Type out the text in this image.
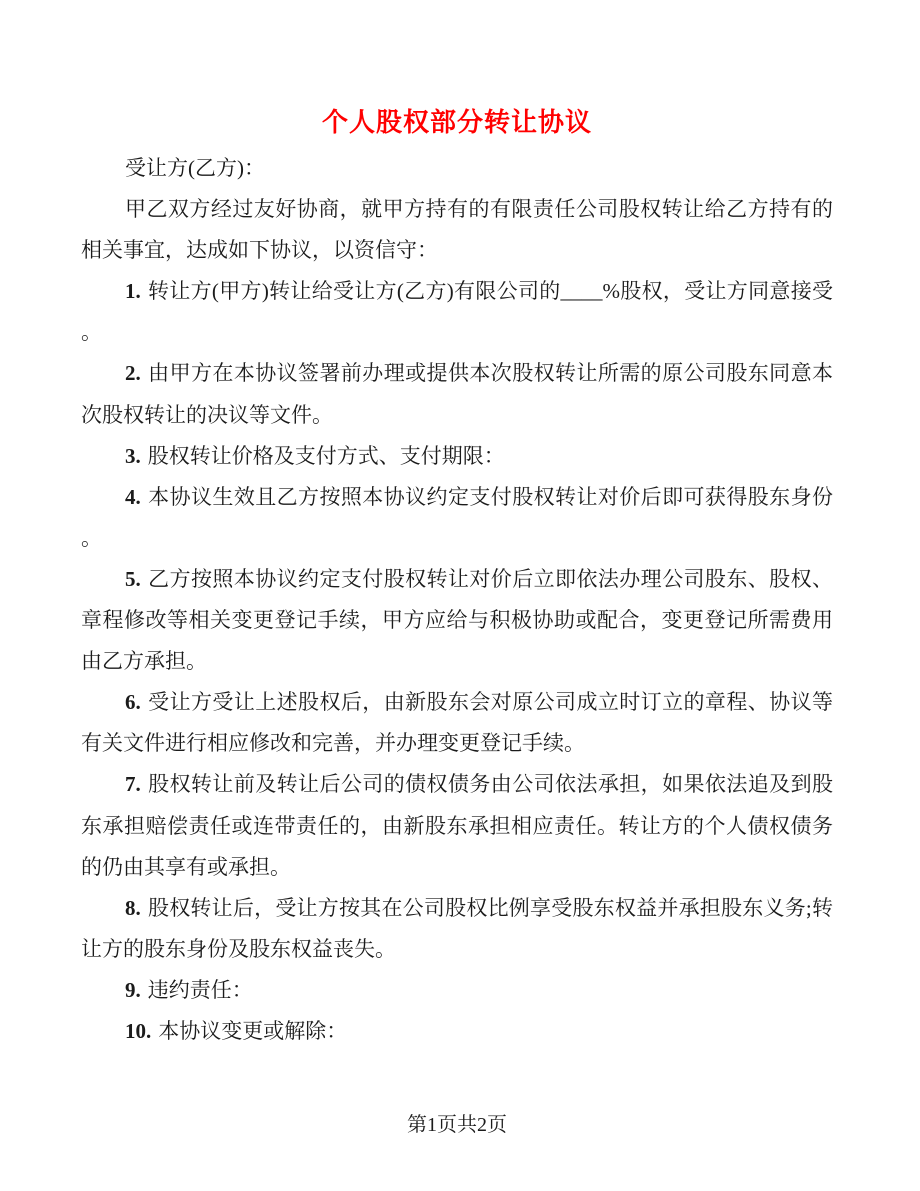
个人股权部分转让协议
受让方(乙方)：
甲乙双方经过友好协商，就甲方持有的有限责任公司股权转让给乙方持有的
相关事宜，达成如下协议，以资信守：
1. 转让方(甲方)转让给受让方(乙方)有限公司的____%股权，受让方同意接受
。
2. 由甲方在本协议签署前办理或提供本次股权转让所需的原公司股东同意本
次股权转让的决议等文件。
3. 股权转让价格及支付方式、支付期限：
4. 本协议生效且乙方按照本协议约定支付股权转让对价后即可获得股东身份
。
5. 乙方按照本协议约定支付股权转让对价后立即依法办理公司股东、股权、
章程修改等相关变更登记手续，甲方应给与积极协助或配合，变更登记所需费用
由乙方承担。
6. 受让方受让上述股权后，由新股东会对原公司成立时订立的章程、协议等
有关文件进行相应修改和完善，并办理变更登记手续。
7. 股权转让前及转让后公司的债权债务由公司依法承担，如果依法追及到股
东承担赔偿责任或连带责任的，由新股东承担相应责任。转让方的个人债权债务
的仍由其享有或承担。
8. 股权转让后，受让方按其在公司股权比例享受股东权益并承担股东义务;转
让方的股东身份及股东权益丧失。
9. 违约责任：
10. 本协议变更或解除：
第1页共2页
